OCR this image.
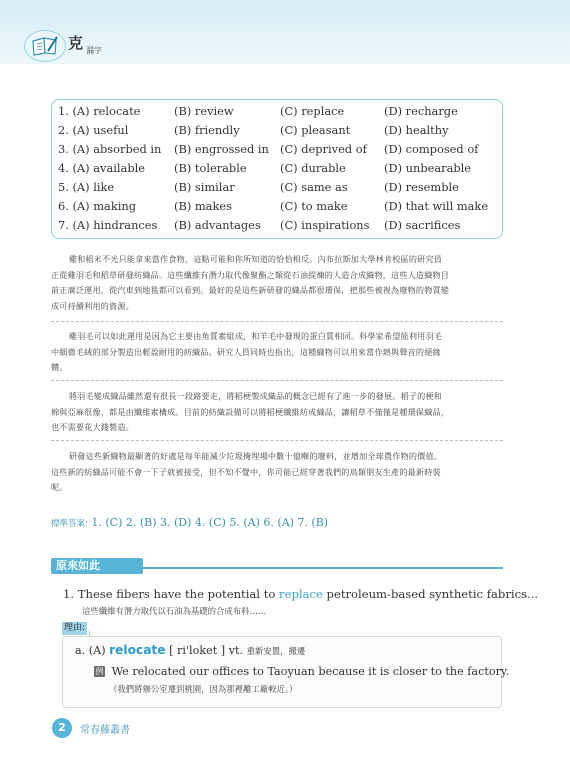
克 漏字
1. (A) relocate	(B) review	(C) replace	(D) recharge
2. (A) useful	(B) friendly	(C) pleasant	(D) healthy
3. (A) absorbed in (B) engrossed in (C) deprived of (D) composed of
4. (A) available	(B) tolerable	(C) durable	(D) unbearable
5. (A) like	(B) similar	(C) same as	(D) resemble
6. (A) making	(B) makes	(C) to make	(D) that will make
7. (A) hindrances (B) advantages (C) inspirations (D) sacrifices
雞和稻米不光只能拿來當作食物，這點可能和你所知道的恰恰相反。內布拉斯加大學林肯校區的研究員
正從雞羽毛和稻草研發紡織品。這些纖維有潛力取代像聚酯之類從石油提煉的人造合成織物，這些人造織物目
前正廣泛運用，從汽車到地毯都可以看到。最好的是這些新研發的織品都很環保，把那些被視為廢物的物質變
成可持續利用的資源。
雞羽毛可以如此運用是因為它主要由角質素組成，和羊毛中發現的蛋白質相同。科學家希望能利用羽毛
中細微毛絨的部分製造出輕盈耐用的紡織品。研究人員同時也指出，這種織物可以用來當作熱與聲音的絕緣
體。
將羽毛變成織品雖然還有很長一段路要走，將稻梗製成織品的概念已經有了進一步的發展。稻子的梗和
棉與亞麻很像，都是由纖維素構成。目前的紡織設備可以將稻梗纖維紡成織品，讓稻草不僅僅是種環保織品，
也不需要花大錢製造。
研發這些新織物最顯著的好處是每年能減少垃圾掩埋場中數十億噸的廢料，並增加全球農作物的價值。
這些新的紡織品可能不會一下子就被接受，但不知不覺中，你可能已經穿著我們的鳥類朋友生產的最新時裝
呢。
標準答案: 1. (C) 2. (B) 3. (D) 4. (C) 5. (A) 6. (A) 7. (B)
原來如此
1. These fibers have the potential to replace petroleum-based synthetic fabrics...
這些纖維有潛力取代以石油為基礎的合成布料……
理由:
a. (A) relocate [ ri'loket ] vt. 重新安置，搬遷
例 We relocated our offices to Taoyuan because it is closer to the factory.
（我們將辦公室遷到桃園，因為那裡離工廠較近。）
2	常春藤叢書
